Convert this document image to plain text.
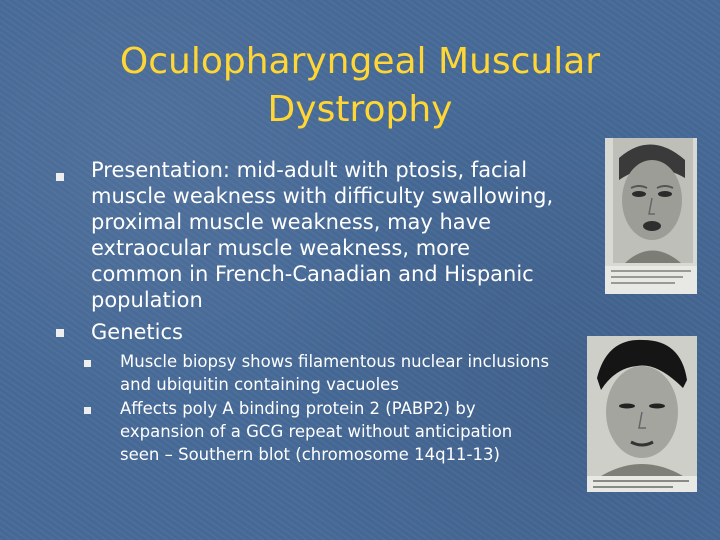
Oculopharyngeal Muscular Dystrophy
Presentation: mid-adult with ptosis, facial muscle weakness with difficulty swallowing, proximal muscle weakness, may have extraocular muscle weakness, more common in French-Canadian and Hispanic population
Genetics
Muscle biopsy shows filamentous nuclear inclusions and ubiquitin containing vacuoles
Affects poly A binding protein 2 (PABP2) by expansion of a GCG repeat without anticipation seen – Southern blot (chromosome 14q11-13)
